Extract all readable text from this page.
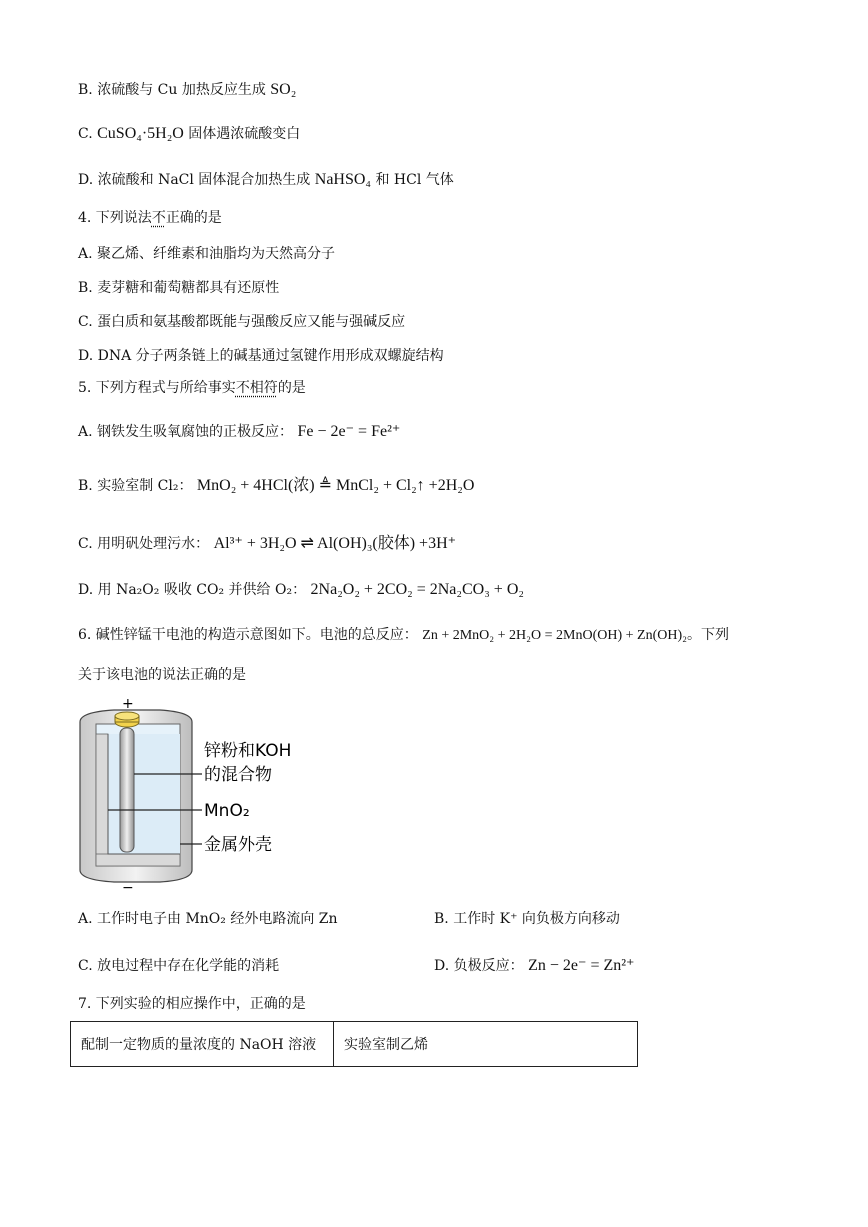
B. 浓硫酸与 Cu 加热反应生成 SO₂
C. CuSO₄·5H₂O 固体遇浓硫酸变白
D. 浓硫酸和 NaCl 固体混合加热生成 NaHSO₄ 和 HCl 气体
4. 下列说法不正确的是
A. 聚乙烯、纤维素和油脂均为天然高分子
B. 麦芽糖和葡萄糖都具有还原性
C. 蛋白质和氨基酸都既能与强酸反应又能与强碱反应
D. DNA 分子两条链上的碱基通过氢键作用形成双螺旋结构
5. 下列方程式与所给事实不相符的是
A. 钢铁发生吸氧腐蚀的正极反应： Fe − 2e⁻ = Fe²⁺
B. 实验室制 Cl₂： MnO₂ + 4HCl(浓) ≜ MnCl₂ + Cl₂↑ +2H₂O
C. 用明矾处理污水： Al³⁺ + 3H₂O ⇌ Al(OH)₃(胶体) +3H⁺
D. 用 Na₂O₂ 吸收 CO₂ 并供给 O₂： 2Na₂O₂ + 2CO₂ = 2Na₂CO₃ + O₂
6. 碱性锌锰干电池的构造示意图如下。电池的总反应： Zn + 2MnO₂ + 2H₂O = 2MnO(OH) + Zn(OH)₂。下列
关于该电池的说法正确的是
+
−
锌粉和KOH
的混合物
MnO₂
金属外壳
A. 工作时电子由 MnO₂ 经外电路流向 Zn	B. 工作时 K⁺ 向负极方向移动
C. 放电过程中存在化学能的消耗	D. 负极反应： Zn − 2e⁻ = Zn²⁺
7. 下列实验的相应操作中，正确的是
配制一定物质的量浓度的 NaOH 溶液	实验室制乙烯
